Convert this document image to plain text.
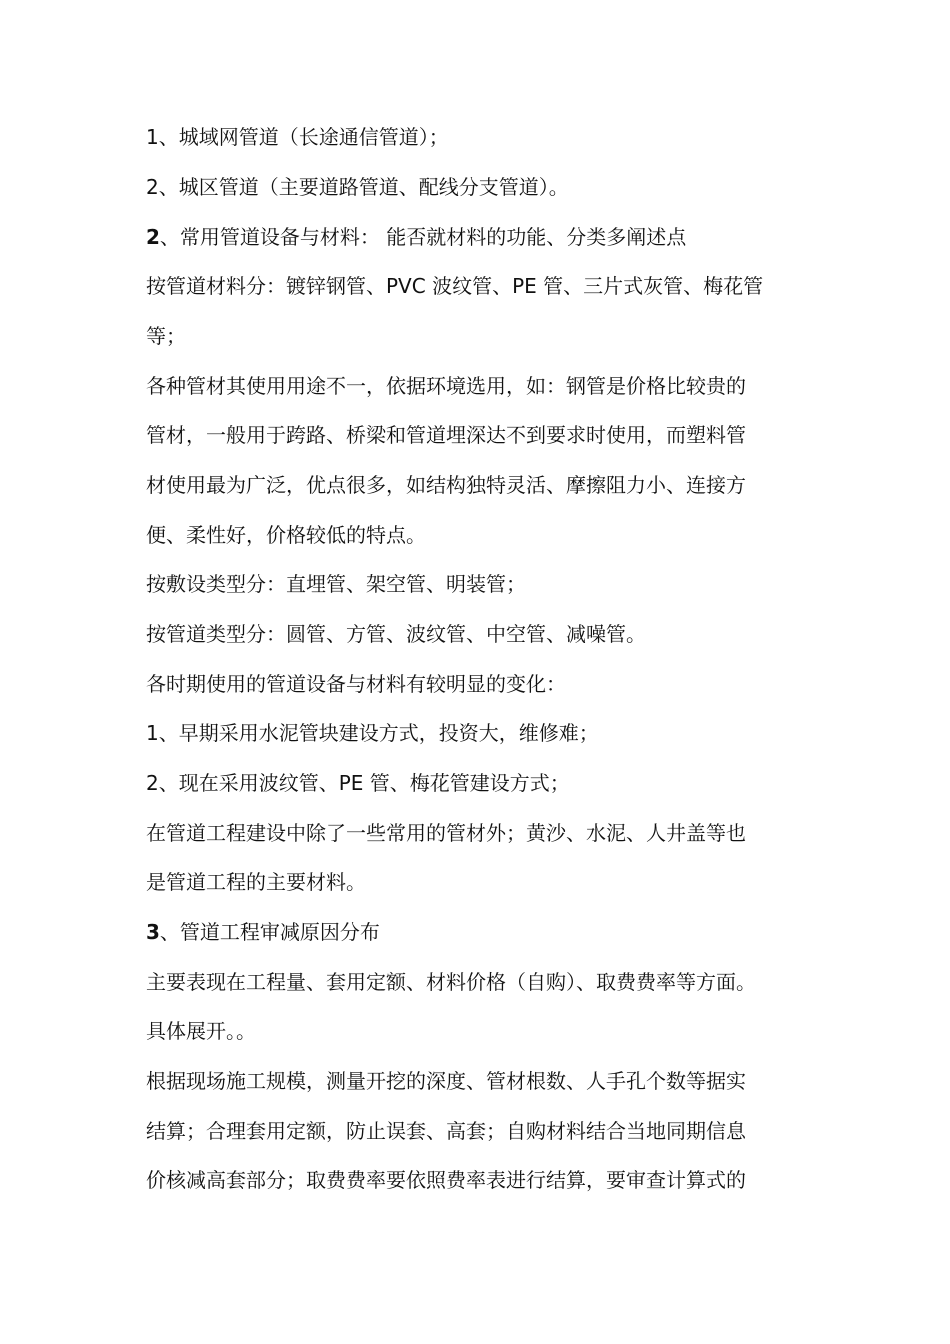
1、城域网管道（长途通信管道）；
2、城区管道（主要道路管道、配线分支管道）。
2、常用管道设备与材料： 能否就材料的功能、分类多阐述点
按管道材料分：镀锌钢管、PVC 波纹管、PE 管、三片式灰管、梅花管
等；
各种管材其使用用途不一，依据环境选用，如：钢管是价格比较贵的
管材，一般用于跨路、桥梁和管道埋深达不到要求时使用，而塑料管
材使用最为广泛，优点很多，如结构独特灵活、摩擦阻力小、连接方
便、柔性好，价格较低的特点。
按敷设类型分：直埋管、架空管、明装管；
按管道类型分：圆管、方管、波纹管、中空管、减噪管。
各时期使用的管道设备与材料有较明显的变化：
1、早期采用水泥管块建设方式，投资大，维修难；
2、现在采用波纹管、PE 管、梅花管建设方式；
在管道工程建设中除了一些常用的管材外；黄沙、水泥、人井盖等也
是管道工程的主要材料。
3、管道工程审减原因分布
主要表现在工程量、套用定额、材料价格（自购）、取费费率等方面。
具体展开。。
根据现场施工规模，测量开挖的深度、管材根数、人手孔个数等据实
结算；合理套用定额，防止误套、高套；自购材料结合当地同期信息
价核减高套部分；取费费率要依照费率表进行结算，要审查计算式的
